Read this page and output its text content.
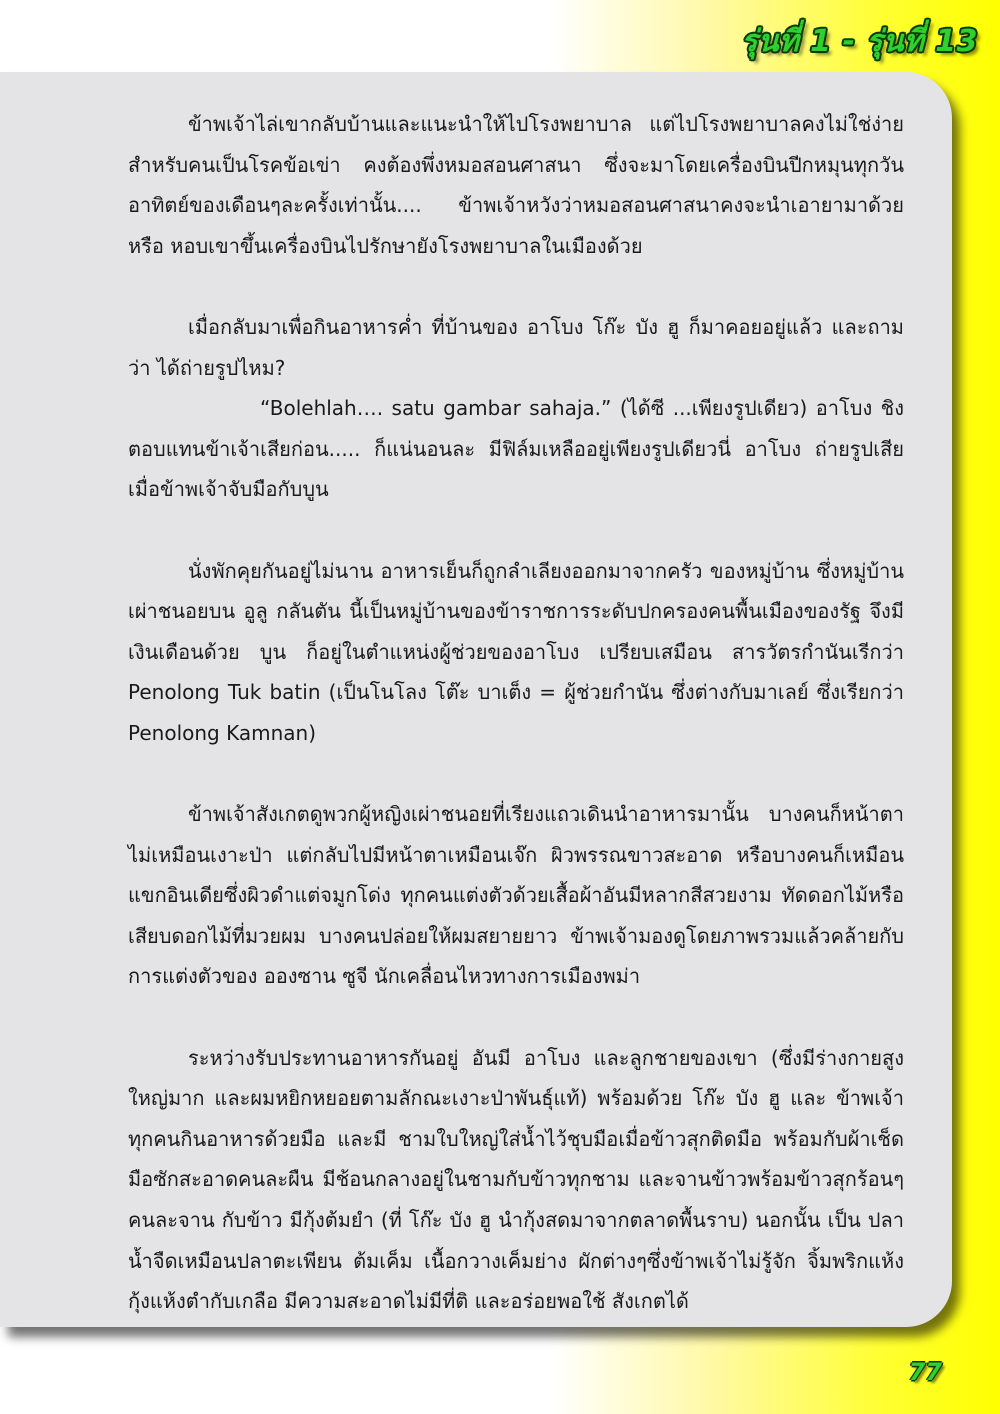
รุ่นที่ 1 - รุ่นที่ 13

ข้าพเจ้าไล่เขากลับบ้านและแนะนำให้ไปโรงพยาบาล แต่ไปโรงพยาบาลคงไม่ใช่ง่ายสำหรับคนเป็นโรคข้อเข่า คงต้องพึ่งหมอสอนศาสนา ซึ่งจะมาโดยเครื่องบินปีกหมุนทุกวันอาทิตย์ของเดือนๆละครั้งเท่านั้น.... ข้าพเจ้าหวังว่าหมอสอนศาสนาคงจะนำเอายามาด้วย หรือ หอบเขาขึ้นเครื่องบินไปรักษายังโรงพยาบาลในเมืองด้วย

เมื่อกลับมาเพื่อกินอาหารค่ำ ที่บ้านของ อาโบง โก๊ะ บัง ฮู ก็มาคอยอยู่แล้ว และถามว่า ได้ถ่ายรูปไหม?

“Bolehlah…. satu gambar sahaja.” (ได้ซี ...เพียงรูปเดียว) อาโบง ชิง ตอบแทนข้าเจ้าเสียก่อน..... ก็แน่นอนละ มีฟิล์มเหลืออยู่เพียงรูปเดียวนี่ อาโบง ถ่ายรูปเสียเมื่อข้าพเจ้าจับมือกับบูน

นั่งพักคุยกันอยู่ไม่นาน อาหารเย็นก็ถูกลำเลียงออกมาจากครัว ของหมู่บ้าน ซึ่งหมู่บ้านเผ่าชนอยบน อูลู กลันตัน นี้เป็นหมู่บ้านของข้าราชการระดับปกครองคนพื้นเมืองของรัฐ จึงมีเงินเดือนด้วย บูน ก็อยู่ในตำแหน่งผู้ช่วยของอาโบง เปรียบเสมือน สารวัตรกำนันเรีกว่า Penolong Tuk batin (เป็นโนโลง โต๊ะ บาเต็ง = ผู้ช่วยกำนัน ซึ่งต่างกับมาเลย์ ซึ่งเรียกว่า Penolong Kamnan)

ข้าพเจ้าสังเกตดูพวกผู้หญิงเผ่าชนอยที่เรียงแถวเดินนำอาหารมานั้น บางคนก็หน้าตาไม่เหมือนเงาะป่า แต่กลับไปมีหน้าตาเหมือนเจ๊ก ผิวพรรณขาวสะอาด หรือบางคนก็เหมือนแขกอินเดียซึ่งผิวดำแต่จมูกโด่ง ทุกคนแต่งตัวด้วยเสื้อผ้าอันมีหลากสีสวยงาม ทัดดอกไม้หรือเสียบดอกไม้ที่มวยผม บางคนปล่อยให้ผมสยายยาว ข้าพเจ้ามองดูโดยภาพรวมแล้วคล้ายกับการแต่งตัวของ อองซาน ซูจี นักเคลื่อนไหวทางการเมืองพม่า

ระหว่างรับประทานอาหารกันอยู่ อันมี อาโบง และลูกชายของเขา (ซึ่งมีร่างกายสูงใหญ่มาก และผมหยิกหยอยตามลักณะเงาะป่าพันธุ์แท้) พร้อมด้วย โก๊ะ บัง ฮู และ ข้าพเจ้า ทุกคนกินอาหารด้วยมือ และมี ชามใบใหญ่ใส่น้ำไว้ชุบมือเมื่อข้าวสุกติดมือ พร้อมกับผ้าเช็ดมือซักสะอาดคนละผืน มีช้อนกลางอยู่ในชามกับข้าวทุกชาม และจานข้าวพร้อมข้าวสุกร้อนๆคนละจาน กับข้าว มีกุ้งต้มยำ (ที่ โก๊ะ บัง ฮู นำกุ้งสดมาจากตลาดพื้นราบ) นอกนั้น เป็น ปลาน้ำจืดเหมือนปลาตะเพียน ต้มเค็ม เนื้อกวางเค็มย่าง ผักต่างๆซึ่งข้าพเจ้าไม่รู้จัก จิ้มพริกแห้งกุ้งแห้งตำกับเกลือ มีความสะอาดไม่มีที่ติ และอร่อยพอใช้ สังเกตได้

77
